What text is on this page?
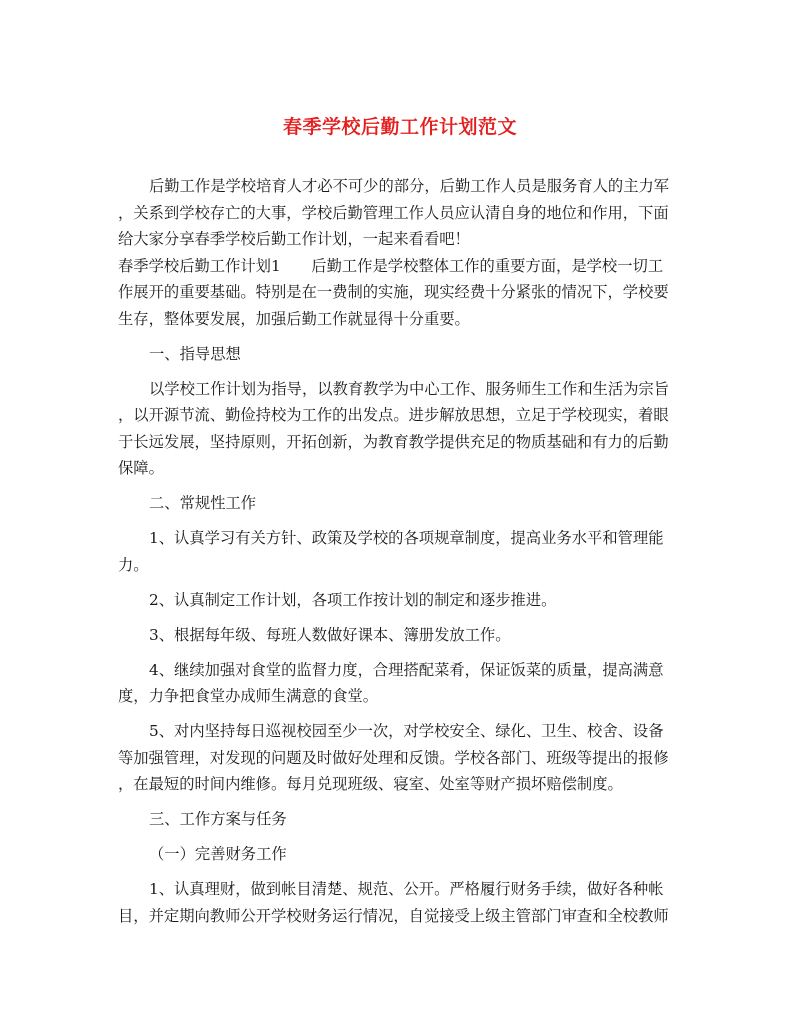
春季学校后勤工作计划范文
后勤工作是学校培育人才必不可少的部分，后勤工作人员是服务育人的主力军
，关系到学校存亡的大事，学校后勤管理工作人员应认清自身的地位和作用，下面
给大家分享春季学校后勤工作计划，一起来看看吧！
春季学校后勤工作计划1　　后勤工作是学校整体工作的重要方面，是学校一切工
作展开的重要基础。特别是在一费制的实施，现实经费十分紧张的情况下，学校要
生存，整体要发展，加强后勤工作就显得十分重要。
一、指导思想
以学校工作计划为指导，以教育教学为中心工作、服务师生工作和生活为宗旨
，以开源节流、勤俭持校为工作的出发点。进步解放思想，立足于学校现实，着眼
于长远发展，坚持原则，开拓创新，为教育教学提供充足的物质基础和有力的后勤
保障。
二、常规性工作
1、认真学习有关方针、政策及学校的各项规章制度，提高业务水平和管理能
力。
2、认真制定工作计划，各项工作按计划的制定和逐步推进。
3、根据每年级、每班人数做好课本、簿册发放工作。
4、继续加强对食堂的监督力度，合理搭配菜肴，保证饭菜的质量，提高满意
度，力争把食堂办成师生满意的食堂。
5、对内坚持每日巡视校园至少一次，对学校安全、绿化、卫生、校舍、设备
等加强管理，对发现的问题及时做好处理和反馈。学校各部门、班级等提出的报修
，在最短的时间内维修。每月兑现班级、寝室、处室等财产损坏赔偿制度。
三、工作方案与任务
（一）完善财务工作
1、认真理财，做到帐目清楚、规范、公开。严格履行财务手续，做好各种帐
目，并定期向教师公开学校财务运行情况，自觉接受上级主管部门审查和全校教师
